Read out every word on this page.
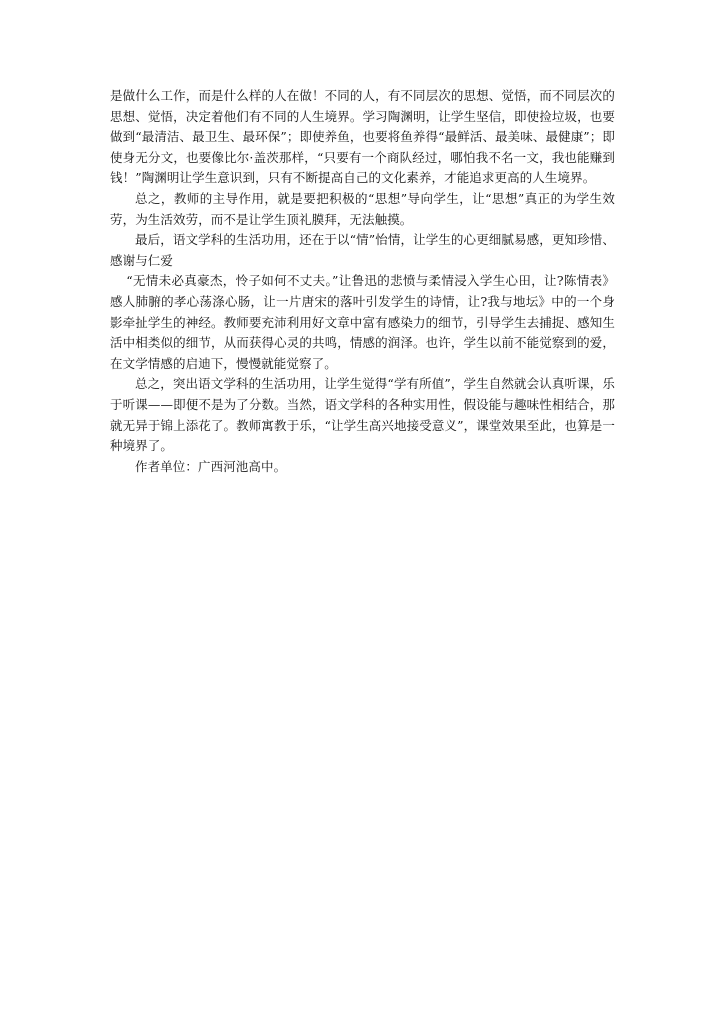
是做什么工作，而是什么样的人在做！不同的人，有不同层次的思想、觉悟，而不同层次的思想、觉悟，决定着他们有不同的人生境界。学习陶渊明，让学生坚信，即使捡垃圾，也要做到“最清洁、最卫生、最环保”；即使养鱼，也要将鱼养得“最鲜活、最美味、最健康”；即使身无分文，也要像比尔·盖茨那样，“只要有一个商队经过，哪怕我不名一文，我也能赚到钱！”陶渊明让学生意识到，只有不断提高自己的文化素养，才能追求更高的人生境界。

总之，教师的主导作用，就是要把积极的“思想”导向学生，让“思想”真正的为学生效劳，为生活效劳，而不是让学生顶礼膜拜，无法触摸。

最后，语文学科的生活功用，还在于以“情”怡情，让学生的心更细腻易感，更知珍惜、感谢与仁爱

“无情未必真豪杰，怜子如何不丈夫。”让鲁迅的悲愤与柔情浸入学生心田，让?陈情表》感人肺腑的孝心荡涤心肠，让一片唐宋的落叶引发学生的诗情，让?我与地坛》中的一个身影牵扯学生的神经。教师要充沛利用好文章中富有感染力的细节，引导学生去捕捉、感知生活中相类似的细节，从而获得心灵的共鸣，情感的润泽。也许，学生以前不能觉察到的爱，在文学情感的启迪下，慢慢就能觉察了。

总之，突出语文学科的生活功用，让学生觉得“学有所值”，学生自然就会认真听课，乐于听课——即便不是为了分数。当然，语文学科的各种实用性，假设能与趣味性相结合，那就无异于锦上添花了。教师寓教于乐，“让学生高兴地接受意义”，课堂效果至此，也算是一种境界了。

作者单位：广西河池高中。
